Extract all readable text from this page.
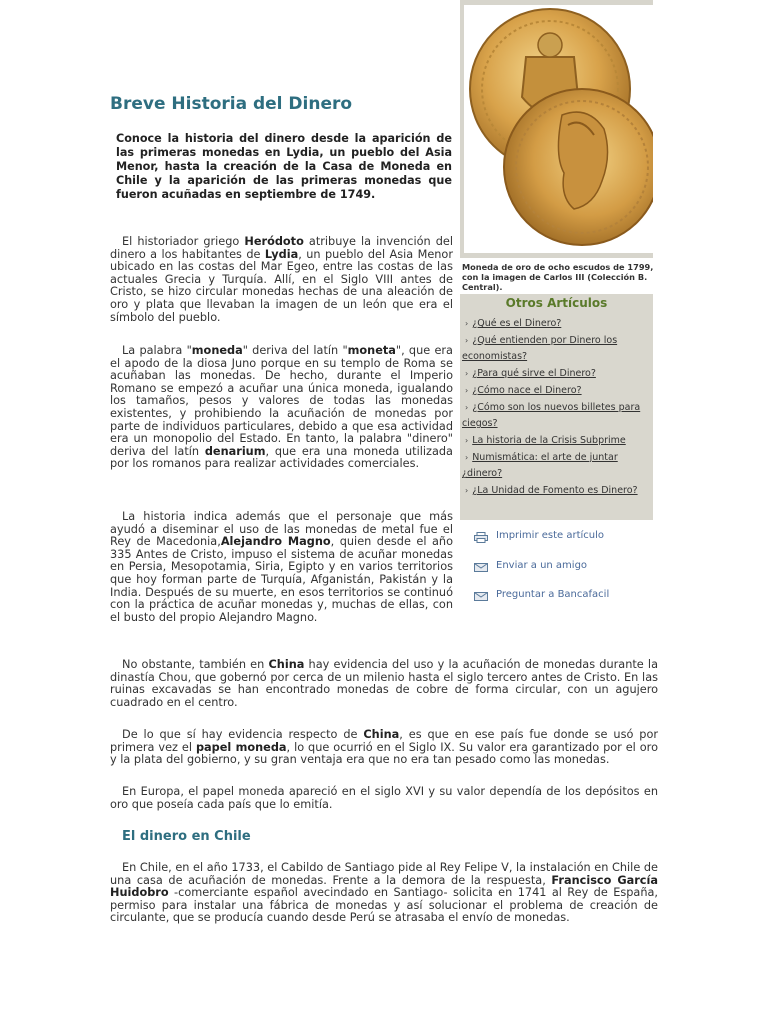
Breve Historia del Dinero

Conoce la historia del dinero desde la aparición de las primeras monedas en Lydia, un pueblo del Asia Menor, hasta la creación de la Casa de Moneda en Chile y la aparición de las primeras monedas que fueron acuñadas en septiembre de 1749.

El historiador griego Heródoto atribuye la invención del dinero a los habitantes de Lydia, un pueblo del Asia Menor ubicado en las costas del Mar Egeo, entre las costas de las actuales Grecia y Turquía. Allí, en el Siglo VIII antes de Cristo, se hizo circular monedas hechas de una aleación de oro y plata que llevaban la imagen de un león que era el símbolo del pueblo.

La palabra "moneda" deriva del latín "moneta", que era el apodo de la diosa Juno porque en su templo de Roma se acuñaban las monedas. De hecho, durante el Imperio Romano se empezó a acuñar una única moneda, igualando los tamaños, pesos y valores de todas las monedas existentes, y prohibiendo la acuñación de monedas por parte de individuos particulares, debido a que esa actividad era un monopolio del Estado. En tanto, la palabra "dinero" deriva del latín denarium, que era una moneda utilizada por los romanos para realizar actividades comerciales.

La historia indica además que el personaje que más ayudó a diseminar el uso de las monedas de metal fue el Rey de Macedonia,Alejandro Magno, quien desde el año 335 Antes de Cristo, impuso el sistema de acuñar monedas en Persia, Mesopotamia, Siria, Egipto y en varios territorios que hoy forman parte de Turquía, Afganistán, Pakistán y la India. Después de su muerte, en esos territorios se continuó con la práctica de acuñar monedas y, muchas de ellas, con el busto del propio Alejandro Magno.

No obstante, también en China hay evidencia del uso y la acuñación de monedas durante la dinastía Chou, que gobernó por cerca de un milenio hasta el siglo tercero antes de Cristo. En las ruinas excavadas se han encontrado monedas de cobre de forma circular, con un agujero cuadrado en el centro.

De lo que sí hay evidencia respecto de China, es que en ese país fue donde se usó por primera vez el papel moneda, lo que ocurrió en el Siglo IX. Su valor era garantizado por el oro y la plata del gobierno, y su gran ventaja era que no era tan pesado como las monedas.

En Europa, el papel moneda apareció en el siglo XVI y su valor dependía de los depósitos en oro que poseía cada país que lo emitía.

El dinero en Chile

En Chile, en el año 1733, el Cabildo de Santiago pide al Rey Felipe V, la instalación en Chile de una casa de acuñación de monedas. Frente a la demora de la respuesta, Francisco García Huidobro -comerciante español avecindado en Santiago- solicita en 1741 al Rey de España, permiso para instalar una fábrica de monedas y así solucionar el problema de creación de circulante, que se producía cuando desde Perú se atrasaba el envío de monedas.

Moneda de oro de ocho escudos de 1799, con la imagen de Carlos III (Colección B. Central).

Otros Artículos
› ¿Qué es el Dinero?
› ¿Qué entienden por Dinero los economistas?
› ¿Para qué sirve el Dinero?
› ¿Cómo nace el Dinero?
› ¿Cómo son los nuevos billetes para ciegos?
› La historia de la Crisis Subprime
› Numismática: el arte de juntar ¿dinero?
› ¿La Unidad de Fomento es Dinero?
Imprimir este artículo
Enviar a un amigo
Preguntar a Bancafacil
